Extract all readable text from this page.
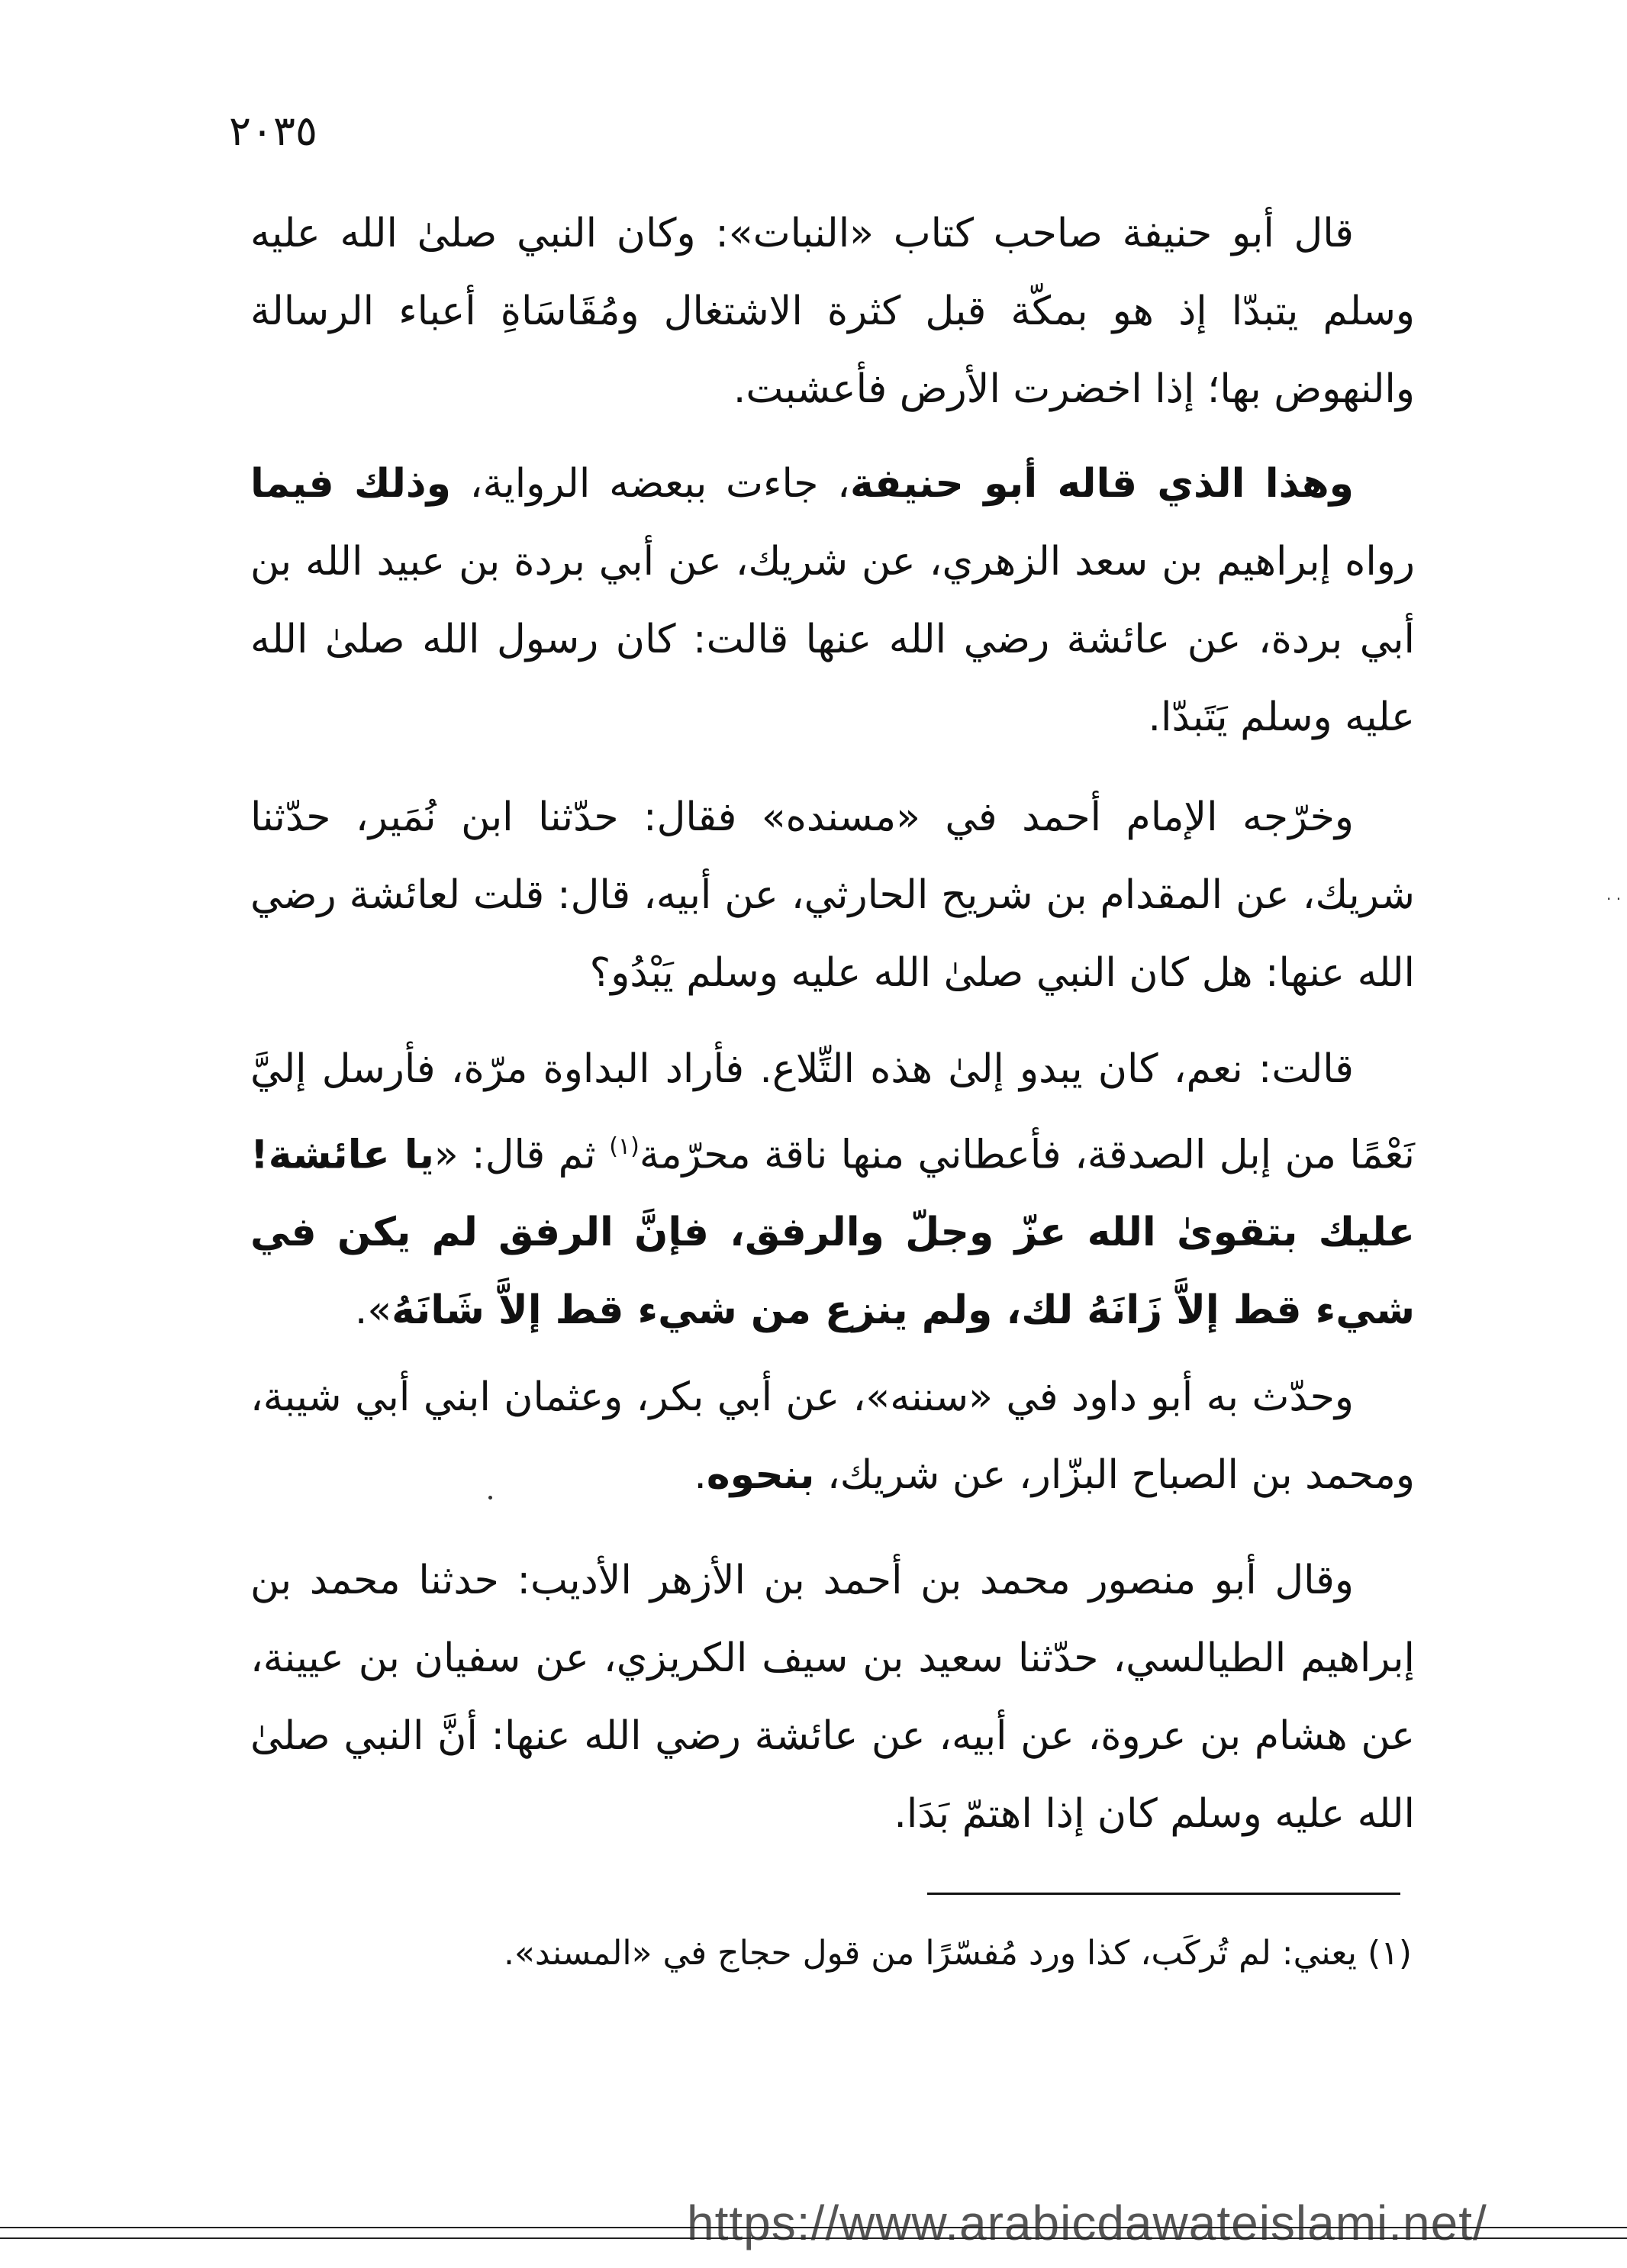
٢٠٣٥

قال أبو حنيفة صاحب كتاب «النبات»: وكان النبي صلىٰ الله عليه وسلم يتبدّا إذ هو بمكّة قبل كثرة الاشتغال ومُقَاسَاةِ أعباء الرسالة والنهوض بها؛ إذا اخضرت الأرض فأعشبت.

وهذا الذي قاله أبو حنيفة، جاءت ببعضه الرواية، وذلك فيما رواه إبراهيم بن سعد الزهري، عن شريك، عن أبي بردة بن عبيد الله بن أبي بردة، عن عائشة رضي الله عنها قالت: كان رسول الله صلىٰ الله عليه وسلم يَتَبدّا.

وخرّجه الإمام أحمد في «مسنده» فقال: حدّثنا ابن نُمَير، حدّثنا شريك، عن المقدام بن شريح الحارثي، عن أبيه، قال: قلت لعائشة رضي الله عنها: هل كان النبي صلىٰ الله عليه وسلم يَبْدُو؟

قالت: نعم، كان يبدو إلىٰ هذه التِّلاع. فأراد البداوة مرّة، فأرسل إليَّ نَعْمًا من إبل الصدقة، فأعطاني منها ناقة محرّمة$^{(١)}$ ثم قال: «يا عائشة! عليك بتقوىٰ الله عزّ وجلّ والرفق، فإنَّ الرفق لم يكن في شيء قط إلاَّ زَانَهُ لك، ولم ينزع من شيء قط إلاَّ شَانَهُ».

وحدّث به أبو داود في «سننه»، عن أبي بكر، وعثمان ابني أبي شيبة، ومحمد بن الصباح البزّار، عن شريك، بنحوه.

وقال أبو منصور محمد بن أحمد بن الأزهر الأديب: حدثنا محمد بن إبراهيم الطيالسي، حدّثنا سعيد بن سيف الكريزي، عن سفيان بن عيينة، عن هشام بن عروة، عن أبيه، عن عائشة رضي الله عنها: أنَّ النبي صلىٰ الله عليه وسلم كان إذا اهتمّ بَدَا.

(١) يعني: لم تُركَب، كذا ورد مُفسّرًا من قول حجاج في «المسند».
. .
https://www.arabicdawateislami.net/
